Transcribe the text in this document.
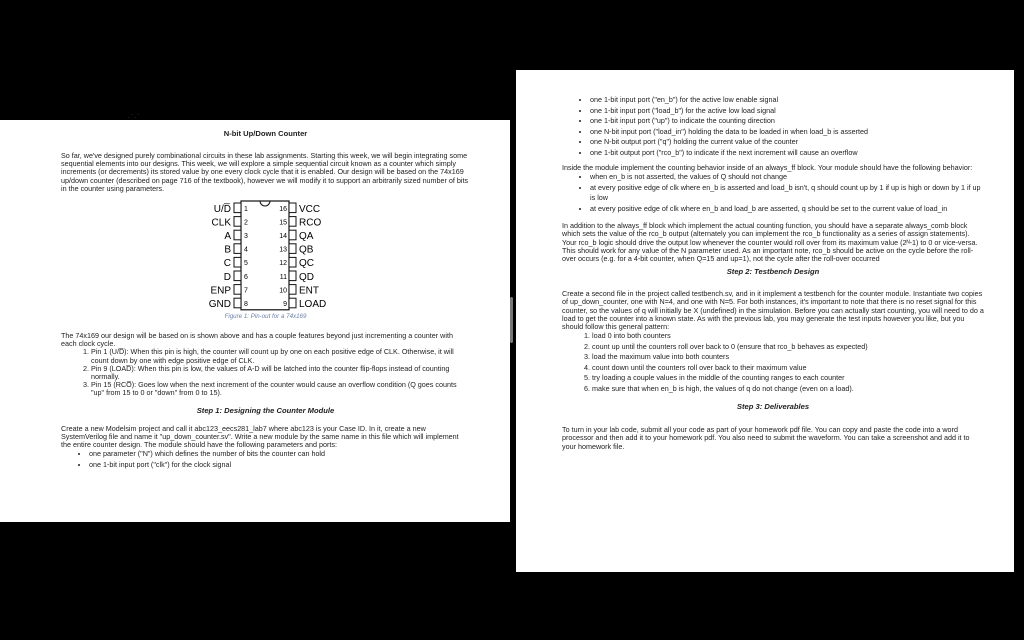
. ' . '

N-bit Up/Down Counter

So far, we've designed purely combinational circuits in these lab assignments. Starting this week, we will begin integrating some sequential elements into our designs. This week, we will explore a simple sequential circuit known as a counter which simply increments (or decrements) its stored value by one every clock cycle that it is enabled. Our design will be based on the 74x169 up/down counter (described on page 716 of the textbook), however we will modify it to support an arbitrarily sized number of bits in the counter using parameters.

1
U/D̅
2
CLK
3
A
4
B
5
C
6
D
7
ENP
8
GND
16 VCC
15 RCO
14 QA
13 QB
12 QC
11 QD
10 ENT
9 LOAD

Figure 1: Pin-out for a 74x169

The 74x169 our design will be based on is shown above and has a couple features beyond just incrementing a counter with each clock cycle.

1. Pin 1 (U/D̅): When this pin is high, the counter will count up by one on each positive edge of CLK. Otherwise, it will count down by one with edge positive edge of CLK.
2. Pin 9 (LOAD̅): When this pin is low, the values of A-D will be latched into the counter flip-flops instead of counting normally.
3. Pin 15 (RCO̅): Goes low when the next increment of the counter would cause an overflow condition (Q goes counts "up" from 15 to 0 or "down" from 0 to 15).

Step 1: Designing the Counter Module

Create a new Modelsim project and call it abc123_eecs281_lab7 where abc123 is your Case ID. In it, create a new SystemVerilog file and name it "up_down_counter.sv". Write a new module by the same name in this file which will implement the entire counter design. The module should have the following parameters and ports:

• one parameter ("N") which defines the number of bits the counter can hold
• one 1-bit input port ("clk") for the clock signal
• one 1-bit input port ("en_b") for the active low enable signal
• one 1-bit input port ("load_b") for the active low load signal
• one 1-bit input port ("up") to indicate the counting direction
• one N-bit input port ("load_in") holding the data to be loaded in when load_b is asserted
• one N-bit output port ("q") holding the current value of the counter
• one 1-bit output port ("rco_b") to indicate if the next increment will cause an overflow

Inside the module implement the counting behavior inside of an always_ff block. Your module should have the following behavior:

• when en_b is not asserted, the values of Q should not change
• at every positive edge of clk where en_b is asserted and load_b isn't, q should count up by 1 if up is high or down by 1 if up is low
• at every positive edge of clk where en_b and load_b are asserted, q should be set to the current value of load_in

In addition to the always_ff block which implement the actual counting function, you should have a separate always_comb block which sets the value of the rco_b output (alternately you can implement the rco_b functionality as a series of assign statements). Your rco_b logic should drive the output low whenever the counter would roll over from its maximum value (2ᴺ-1) to 0 or vice-versa. This should work for any value of the N parameter used. As an important note, rco_b should be active on the cycle before the roll-over occurs (e.g. for a 4-bit counter, when Q=15 and up=1), not the cycle after the roll-over occurred

Step 2: Testbench Design

Create a second file in the project called testbench.sv, and in it implement a testbench for the counter module. Instantiate two copies of up_down_counter, one with N=4, and one with N=5. For both instances, it's important to note that there is no reset signal for this counter, so the values of q will initially be X (undefined) in the simulation. Before you can actually start counting, you will need to do a load to get the counter into a known state. As with the previous lab, you may generate the test inputs however you like, but you should follow this general pattern:

1. load 0 into both counters
2. count up until the counters roll over back to 0 (ensure that rco_b behaves as expected)
3. load the maximum value into both counters
4. count down until the counters roll over back to their maximum value
5. try loading a couple values in the middle of the counting ranges to each counter
6. make sure that when en_b is high, the values of q do not change (even on a load).

Step 3: Deliverables

To turn in your lab code, submit all your code as part of your homework pdf file. You can copy and paste the code into a word processor and then add it to your homework pdf. You also need to submit the waveform. You can take a screenshot and add it to your homework file.
